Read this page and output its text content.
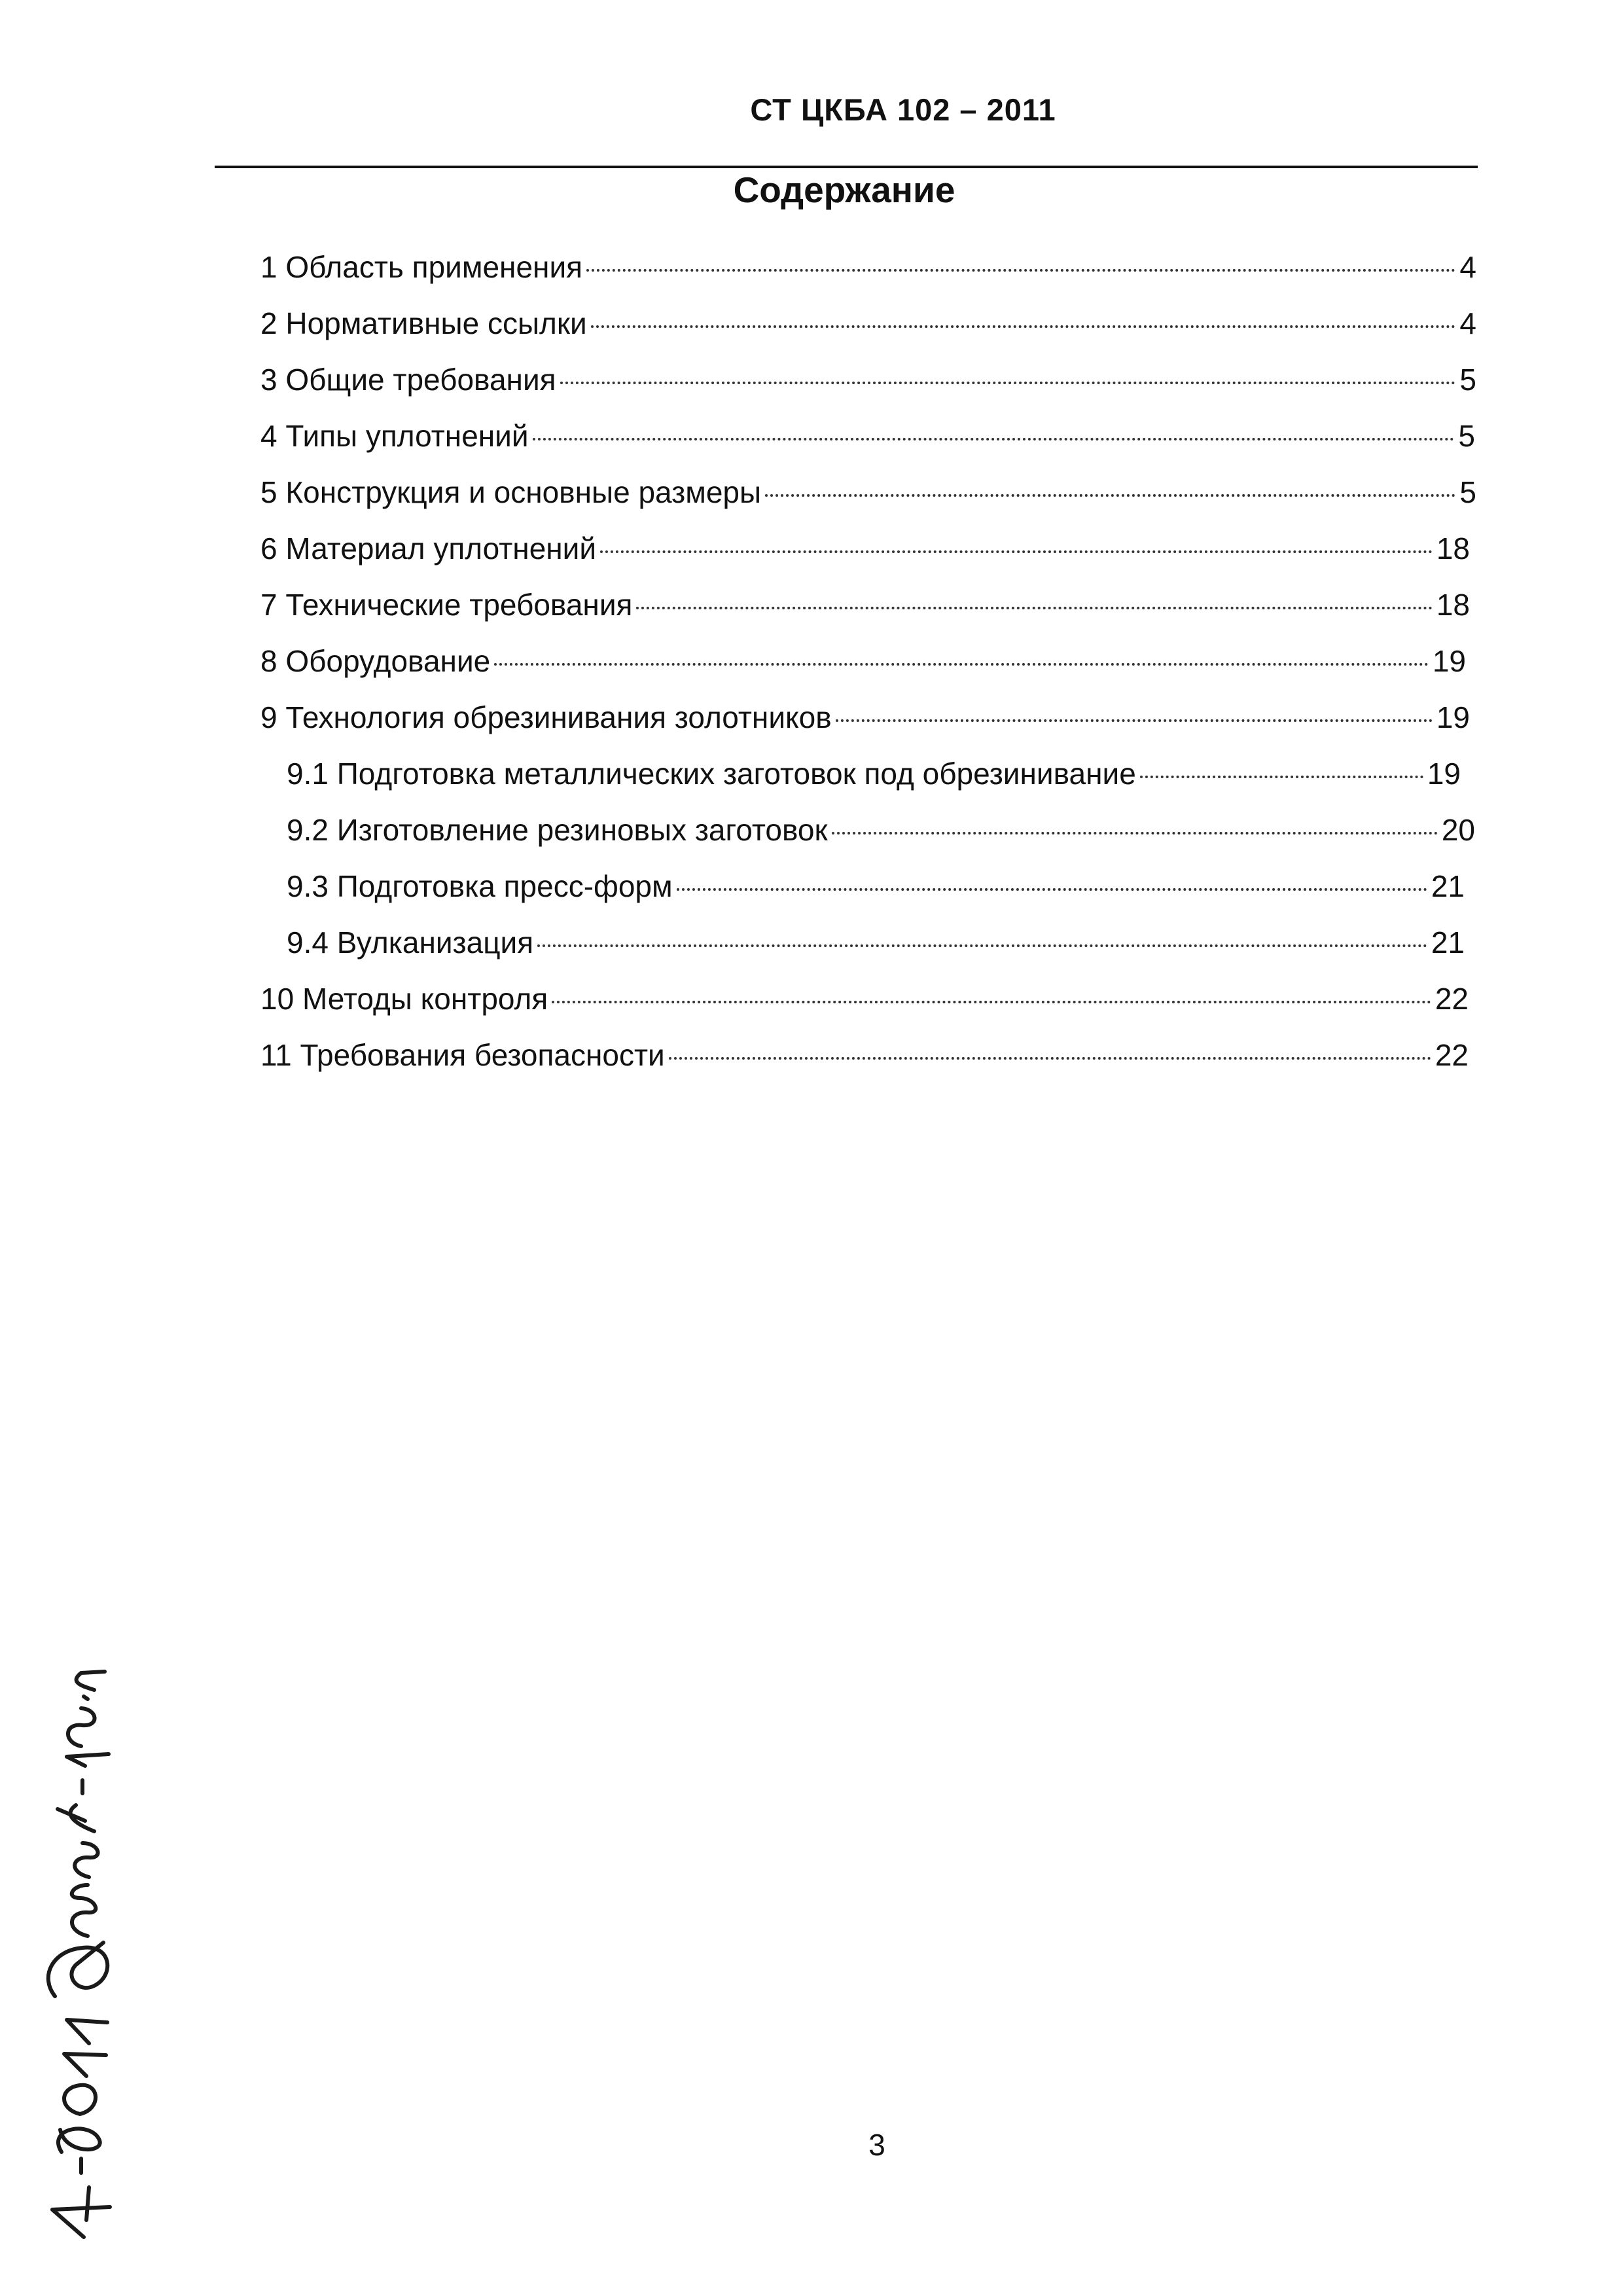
СТ ЦКБА 102 – 2011
Содержание
1 Область применения	4
2 Нормативные ссылки	4
3 Общие требования	5
4 Типы уплотнений	5
5 Конструкция и основные размеры	5
6 Материал уплотнений	18
7 Технические требования	18
8 Оборудование	19
9 Технология обрезинивания золотников	19
9.1 Подготовка металлических заготовок под обрезинивание	19
9.2 Изготовление резиновых заготовок	20
9.3 Подготовка пресс-форм	21
9.4 Вулканизация	21
10 Методы контроля	22
11 Требования безопасности	22
3
